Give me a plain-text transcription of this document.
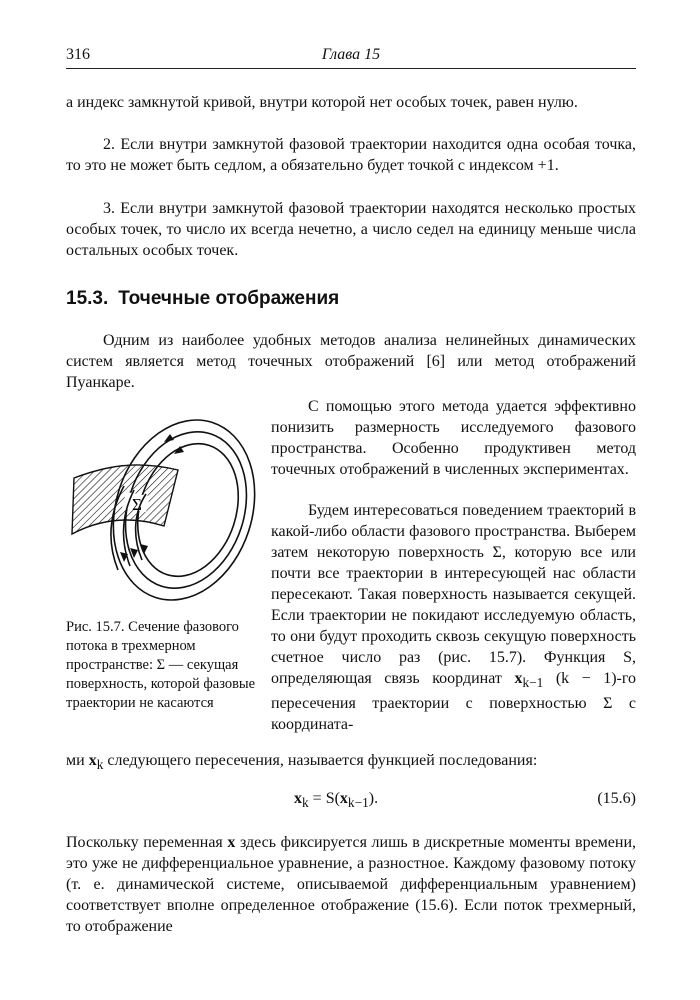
316	Глава 15
а индекс замкнутой кривой, внутри которой нет особых точек, равен нулю.
2. Если внутри замкнутой фазовой траектории находится одна особая точка, то это не может быть седлом, а обязательно будет точкой с индексом +1.
3. Если внутри замкнутой фазовой траектории находятся несколько простых особых точек, то число их всегда нечетно, а число седел на единицу меньше числа остальных особых точек.
15.3. Точечные отображения
Одним из наиболее удобных методов анализа нелинейных динамических систем является метод точечных отображений [6] или метод отображений Пуанкаре.
Σ
Рис. 15.7. Сечение фазового потока в трехмерном пространстве: Σ — секущая поверхность, которой фазовые траектории не касаются
С помощью этого метода удается эффективно понизить размерность исследуемого фазового пространства. Особенно продуктивен метод точечных отображений в численных экспериментах.
Будем интересоваться поведением траекторий в какой-либо области фазового пространства. Выберем затем некоторую поверхность Σ, которую все или почти все траектории в интересующей нас области пересекают. Такая поверхность называется секущей. Если траектории не покидают исследуемую область, то они будут проходить сквозь секущую поверхность счетное число раз (рис. 15.7). Функция S, определяющая связь координат $x_{k-1}$ (k − 1)-го пересечения траектории с поверхностью Σ с координата-
ми $x_k$ следующего пересечения, называется функцией последования:
$x_k = S(x_{k-1})$.	(15.6)
Поскольку переменная x здесь фиксируется лишь в дискретные моменты времени, это уже не дифференциальное уравнение, а разностное. Каждому фазовому потоку (т. е. динамической системе, описываемой дифференциальным уравнением) соответствует вполне определенное отображение (15.6). Если поток трехмерный, то отображение
